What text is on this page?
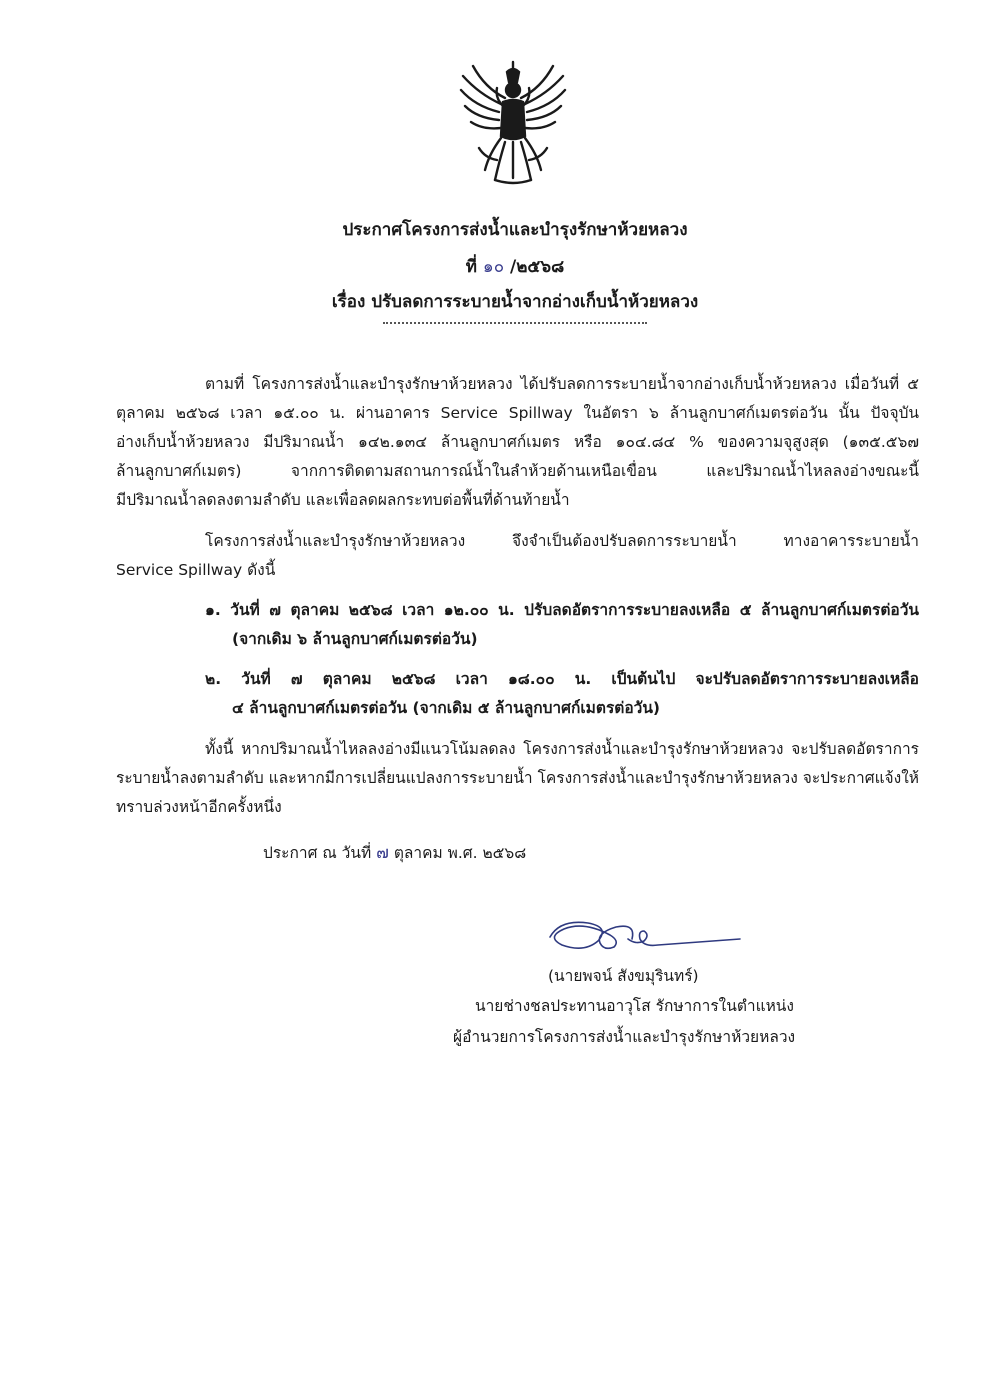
ประกาศโครงการส่งน้ำและบำรุงรักษาห้วยหลวง
ที่ ๑๐ /๒๕๖๘
เรื่อง ปรับลดการระบายน้ำจากอ่างเก็บน้ำห้วยหลวง
ตามที่ โครงการส่งน้ำและบำรุงรักษาห้วยหลวง ได้ปรับลดการระบายน้ำจากอ่างเก็บน้ำห้วยหลวง เมื่อวันที่ ๕
ตุลาคม ๒๕๖๘ เวลา ๑๕.๐๐ น. ผ่านอาคาร Service Spillway ในอัตรา ๖ ล้านลูกบาศก์เมตรต่อวัน นั้น ปัจจุบัน
อ่างเก็บน้ำห้วยหลวง มีปริมาณน้ำ ๑๔๒.๑๓๔ ล้านลูกบาศก์เมตร หรือ ๑๐๔.๘๔ % ของความจุสูงสุด (๑๓๕.๕๖๗
ล้านลูกบาศก์เมตร) จากการติดตามสถานการณ์น้ำในลำห้วยด้านเหนือเขื่อน และปริมาณน้ำไหลลงอ่างขณะนี้
มีปริมาณน้ำลดลงตามลำดับ และเพื่อลดผลกระทบต่อพื้นที่ด้านท้ายน้ำ
โครงการส่งน้ำและบำรุงรักษาห้วยหลวง จึงจำเป็นต้องปรับลดการระบายน้ำ ทางอาคารระบายน้ำ
Service Spillway ดังนี้
๑. วันที่ ๗ ตุลาคม ๒๕๖๘ เวลา ๑๒.๐๐ น. ปรับลดอัตราการระบายลงเหลือ ๕ ล้านลูกบาศก์เมตรต่อวัน
(จากเดิม ๖ ล้านลูกบาศก์เมตรต่อวัน)
๒. วันที่ ๗ ตุลาคม ๒๕๖๘ เวลา ๑๘.๐๐ น. เป็นต้นไป จะปรับลดอัตราการระบายลงเหลือ
๔ ล้านลูกบาศก์เมตรต่อวัน (จากเดิม ๕ ล้านลูกบาศก์เมตรต่อวัน)
ทั้งนี้ หากปริมาณน้ำไหลลงอ่างมีแนวโน้มลดลง โครงการส่งน้ำและบำรุงรักษาห้วยหลวง จะปรับลดอัตราการ
ระบายน้ำลงตามลำดับ และหากมีการเปลี่ยนแปลงการระบายน้ำ โครงการส่งน้ำและบำรุงรักษาห้วยหลวง จะประกาศแจ้งให้
ทราบล่วงหน้าอีกครั้งหนึ่ง
ประกาศ ณ วันที่ ๗ ตุลาคม พ.ศ. ๒๕๖๘
(นายพจน์ สังขมุรินทร์)
นายช่างชลประทานอาวุโส รักษาการในตำแหน่ง
ผู้อำนวยการโครงการส่งน้ำและบำรุงรักษาห้วยหลวง
